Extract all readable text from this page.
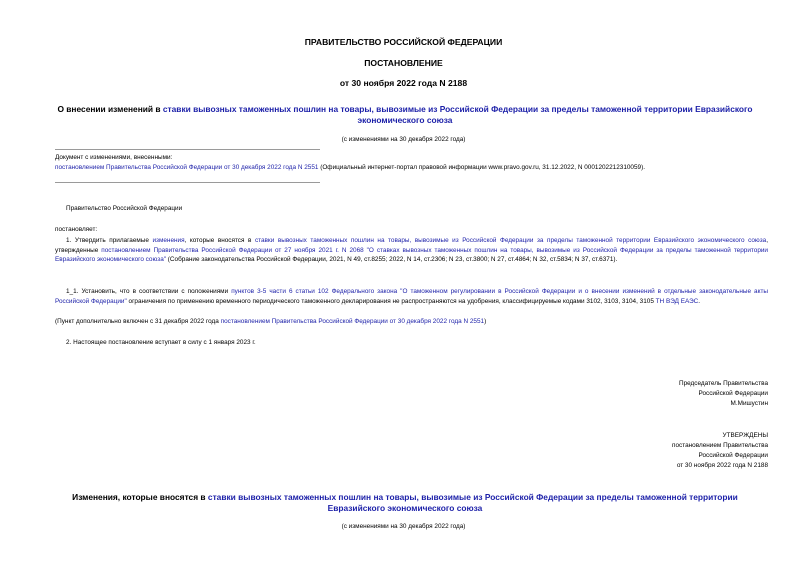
ПРАВИТЕЛЬСТВО РОССИЙСКОЙ ФЕДЕРАЦИИ
ПОСТАНОВЛЕНИЕ
от 30 ноября 2022 года N 2188
О внесении изменений в ставки вывозных таможенных пошлин на товары, вывозимые из Российской Федерации за пределы таможенной территории Евразийского экономического союза
(с изменениями на 30 декабря 2022 года)
Документ с изменениями, внесенными:
постановлением Правительства Российской Федерации от 30 декабря 2022 года N 2551 (Официальный интернет-портал правовой информации www.pravo.gov.ru, 31.12.2022, N 0001202212310059).
Правительство Российской Федерации
постановляет:
1. Утвердить прилагаемые изменения, которые вносятся в ставки вывозных таможенных пошлин на товары, вывозимые из Российской Федерации за пределы таможенной территории Евразийского экономического союза, утвержденные постановлением Правительства Российской Федерации от 27 ноября 2021 г. N 2068 "О ставках вывозных таможенных пошлин на товары, вывозимые из Российской Федерации за пределы таможенной территории Евразийского экономического союза" (Собрание законодательства Российской Федерации, 2021, N 49, ст.8255; 2022, N 14, ст.2306; N 23, ст.3800; N 27, ст.4864; N 32, ст.5834; N 37, ст.6371).
1_1. Установить, что в соответствии с положениями пунктов 3-5 части 6 статьи 102 Федерального закона "О таможенном регулировании в Российской Федерации и о внесении изменений в отдельные законодательные акты Российской Федерации" ограничения по применению временного периодического таможенного декларирования не распространяются на удобрения, классифицируемые кодами 3102, 3103, 3104, 3105 ТН ВЭД ЕАЭС.
(Пункт дополнительно включен с 31 декабря 2022 года постановлением Правительства Российской Федерации от 30 декабря 2022 года N 2551)
2. Настоящее постановление вступает в силу с 1 января 2023 г.
Председатель Правительства
Российской Федерации
М.Мишустин
УТВЕРЖДЕНЫ
постановлением Правительства
Российской Федерации
от 30 ноября 2022 года N 2188
Изменения, которые вносятся в ставки вывозных таможенных пошлин на товары, вывозимые из Российской Федерации за пределы таможенной территории Евразийского экономического союза
(с изменениями на 30 декабря 2022 года)
